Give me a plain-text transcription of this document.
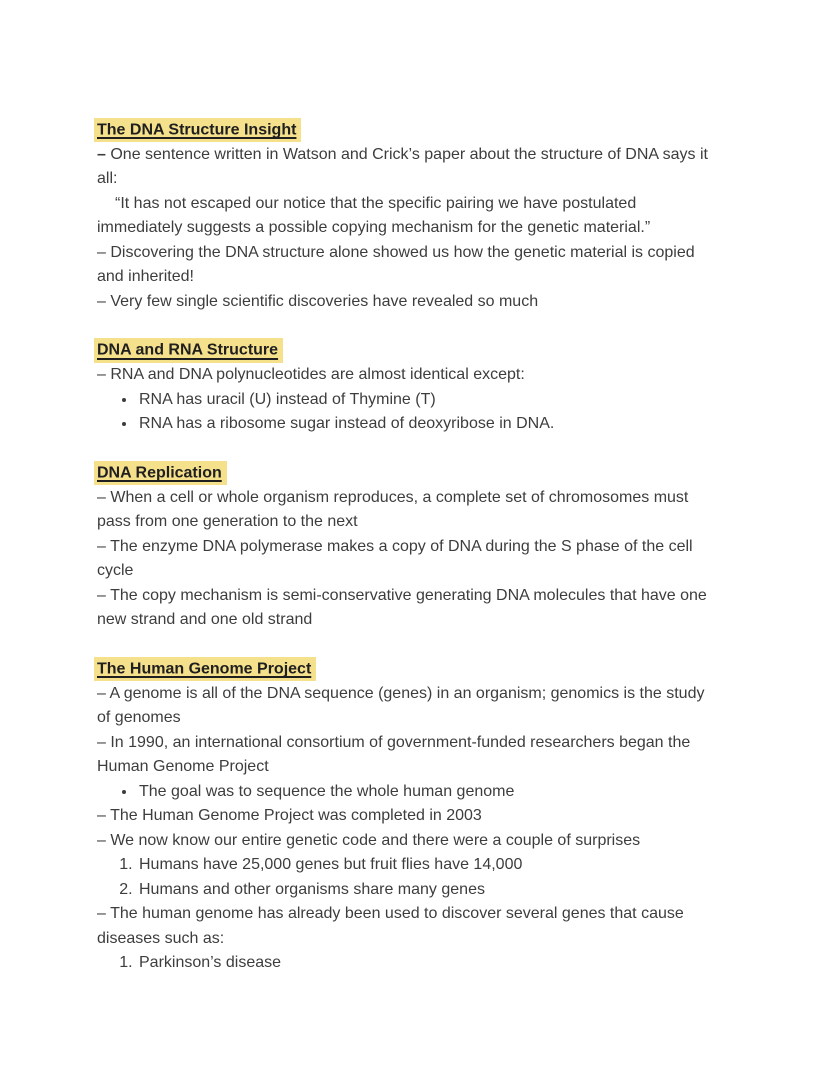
The DNA Structure Insight

– One sentence written in Watson and Crick’s paper about the structure of DNA says it all:

“It has not escaped our notice that the specific pairing we have postulated immediately suggests a possible copying mechanism for the genetic material.”

– Discovering the DNA structure alone showed us how the genetic material is copied and inherited!

– Very few single scientific discoveries have revealed so much

DNA and RNA Structure

– RNA and DNA polynucleotides are almost identical except:

• RNA has uracil (U) instead of Thymine (T)
• RNA has a ribosome sugar instead of deoxyribose in DNA.

DNA Replication

– When a cell or whole organism reproduces, a complete set of chromosomes must pass from one generation to the next

– The enzyme DNA polymerase makes a copy of DNA during the S phase of the cell cycle

– The copy mechanism is semi-conservative generating DNA molecules that have one new strand and one old strand

The Human Genome Project

– A genome is all of the DNA sequence (genes) in an organism; genomics is the study of genomes

– In 1990, an international consortium of government-funded researchers began the Human Genome Project

• The goal was to sequence the whole human genome

– The Human Genome Project was completed in 2003

– We now know our entire genetic code and there were a couple of surprises

1. Humans have 25,000 genes but fruit flies have 14,000
2. Humans and other organisms share many genes

– The human genome has already been used to discover several genes that cause diseases such as:

1. Parkinson’s disease
